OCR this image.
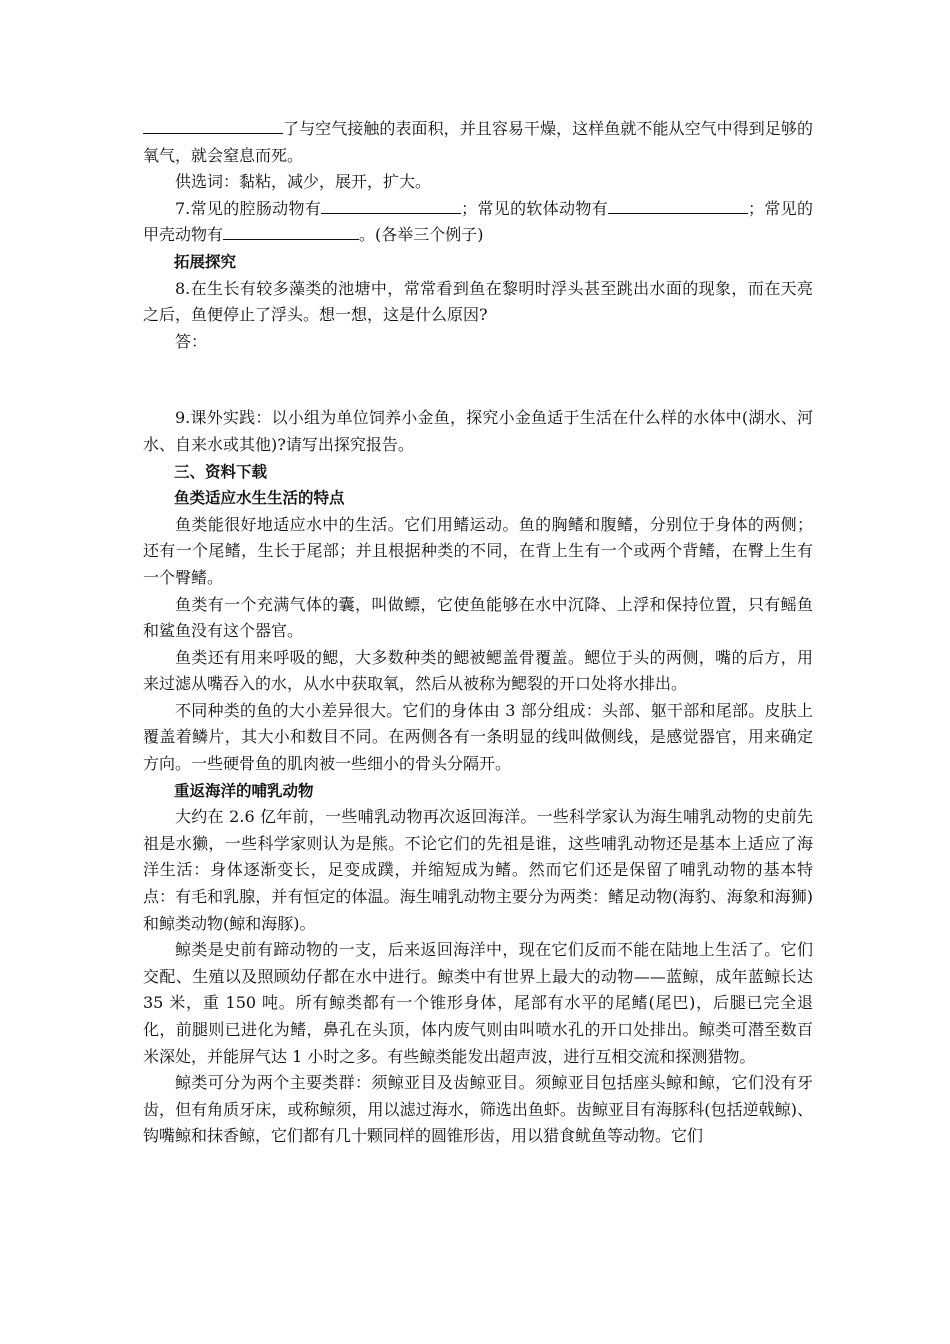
了与空气接触的表面积，并且容易干燥，这样鱼就不能从空气中得到足够的氧气，就会窒息而死。

供选词：黏粘，减少，展开，扩大。

7.常见的腔肠动物有	；常见的软体动物有	；常见的甲壳动物有	。(各举三个例子)

拓展探究

8.在生长有较多藻类的池塘中，常常看到鱼在黎明时浮头甚至跳出水面的现象，而在天亮之后，鱼便停止了浮头。想一想，这是什么原因?

答：

9.课外实践：以小组为单位饲养小金鱼，探究小金鱼适于生活在什么样的水体中(湖水、河水、自来水或其他)?请写出探究报告。

三、资料下载

鱼类适应水生生活的特点

鱼类能很好地适应水中的生活。它们用鳍运动。鱼的胸鳍和腹鳍，分别位于身体的两侧；还有一个尾鳍，生长于尾部；并且根据种类的不同，在背上生有一个或两个背鳍，在臀上生有一个臀鳍。

鱼类有一个充满气体的囊，叫做鳔，它使鱼能够在水中沉降、上浮和保持位置，只有鳐鱼和鲨鱼没有这个器官。

鱼类还有用来呼吸的鳃，大多数种类的鳃被鳃盖骨覆盖。鳃位于头的两侧，嘴的后方，用来过滤从嘴吞入的水，从水中获取氧，然后从被称为鳃裂的开口处将水排出。

不同种类的鱼的大小差异很大。它们的身体由 3 部分组成：头部、躯干部和尾部。皮肤上覆盖着鳞片，其大小和数目不同。在两侧各有一条明显的线叫做侧线，是感觉器官，用来确定方向。一些硬骨鱼的肌肉被一些细小的骨头分隔开。

重返海洋的哺乳动物

大约在 2.6 亿年前，一些哺乳动物再次返回海洋。一些科学家认为海生哺乳动物的史前先祖是水獭，一些科学家则认为是熊。不论它们的先祖是谁，这些哺乳动物还是基本上适应了海洋生活：身体逐渐变长，足变成蹼，并缩短成为鳍。然而它们还是保留了哺乳动物的基本特点：有毛和乳腺，并有恒定的体温。海生哺乳动物主要分为两类：鳍足动物(海豹、海象和海狮)和鲸类动物(鲸和海豚)。

鲸类是史前有蹄动物的一支，后来返回海洋中，现在它们反而不能在陆地上生活了。它们交配、生殖以及照顾幼仔都在水中进行。鲸类中有世界上最大的动物——蓝鲸，成年蓝鲸长达 35 米，重 150 吨。所有鲸类都有一个锥形身体，尾部有水平的尾鳍(尾巴)，后腿已完全退化，前腿则已进化为鳍，鼻孔在头顶，体内废气则由叫喷水孔的开口处排出。鲸类可潜至数百米深处，并能屏气达 1 小时之多。有些鲸类能发出超声波，进行互相交流和探测猎物。

鲸类可分为两个主要类群：须鲸亚目及齿鲸亚目。须鲸亚目包括座头鲸和鲸，它们没有牙齿，但有角质牙床，或称鲸须，用以滤过海水，筛选出鱼虾。齿鲸亚目有海豚科(包括逆戟鲸)、钩嘴鲸和抹香鲸，它们都有几十颗同样的圆锥形齿，用以猎食鱿鱼等动物。它们
